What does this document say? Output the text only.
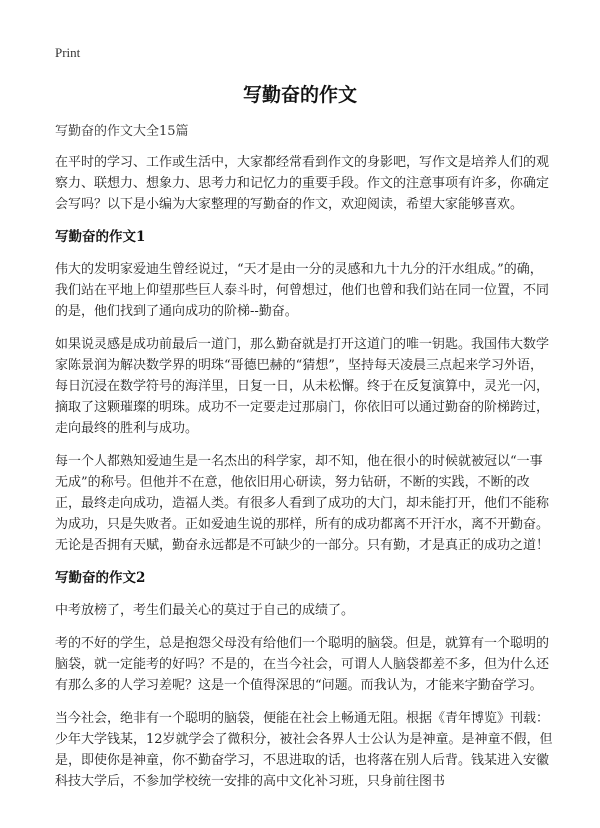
Print
写勤奋的作文

写勤奋的作文大全15篇

在平时的学习、工作或生活中，大家都经常看到作文的身影吧，写作文是培养人们的观察力、联想力、想象力、思考力和记忆力的重要手段。作文的注意事项有许多，你确定会写吗？以下是小编为大家整理的写勤奋的作文，欢迎阅读，希望大家能够喜欢。

写勤奋的作文1

伟大的发明家爱迪生曾经说过，“天才是由一分的灵感和九十九分的汗水组成。”的确，我们站在平地上仰望那些巨人泰斗时，何曾想过，他们也曾和我们站在同一位置，不同的是，他们找到了通向成功的阶梯--勤奋。

如果说灵感是成功前最后一道门，那么勤奋就是打开这道门的唯一钥匙。我国伟大数学家陈景润为解决数学界的明珠“哥德巴赫的“猜想”，坚持每天凌晨三点起来学习外语，每日沉浸在数学符号的海洋里，日复一日，从未松懈。终于在反复演算中，灵光一闪，摘取了这颗璀璨的明珠。成功不一定要走过那扇门，你依旧可以通过勤奋的阶梯跨过，走向最终的胜利与成功。

每一个人都熟知爱迪生是一名杰出的科学家，却不知，他在很小的时候就被冠以“一事无成”的称号。但他并不在意，他依旧用心研读，努力钻研，不断的实践，不断的改正，最终走向成功，造福人类。有很多人看到了成功的大门，却未能打开，他们不能称为成功，只是失败者。正如爱迪生说的那样，所有的成功都离不开汗水，离不开勤奋。无论是否拥有天赋，勤奋永远都是不可缺少的一部分。只有勤，才是真正的成功之道！

写勤奋的作文2

中考放榜了，考生们最关心的莫过于自己的成绩了。

考的不好的学生，总是抱怨父母没有给他们一个聪明的脑袋。但是，就算有一个聪明的脑袋，就一定能考的好吗？不是的，在当今社会，可谓人人脑袋都差不多，但为什么还有那么多的人学习差呢？这是一个值得深思的“问题。而我认为，才能来字勤奋学习。

当今社会，绝非有一个聪明的脑袋，便能在社会上畅通无阻。根据《青年博览》刊载：少年大学钱某，12岁就学会了微积分，被社会各界人士公认为是神童。是神童不假，但是，即使你是神童，你不勤奋学习，不思进取的话，也将落在别人后背。钱某进入安徽科技大学后，不参加学校统一安排的高中文化补习班，只身前往图书
